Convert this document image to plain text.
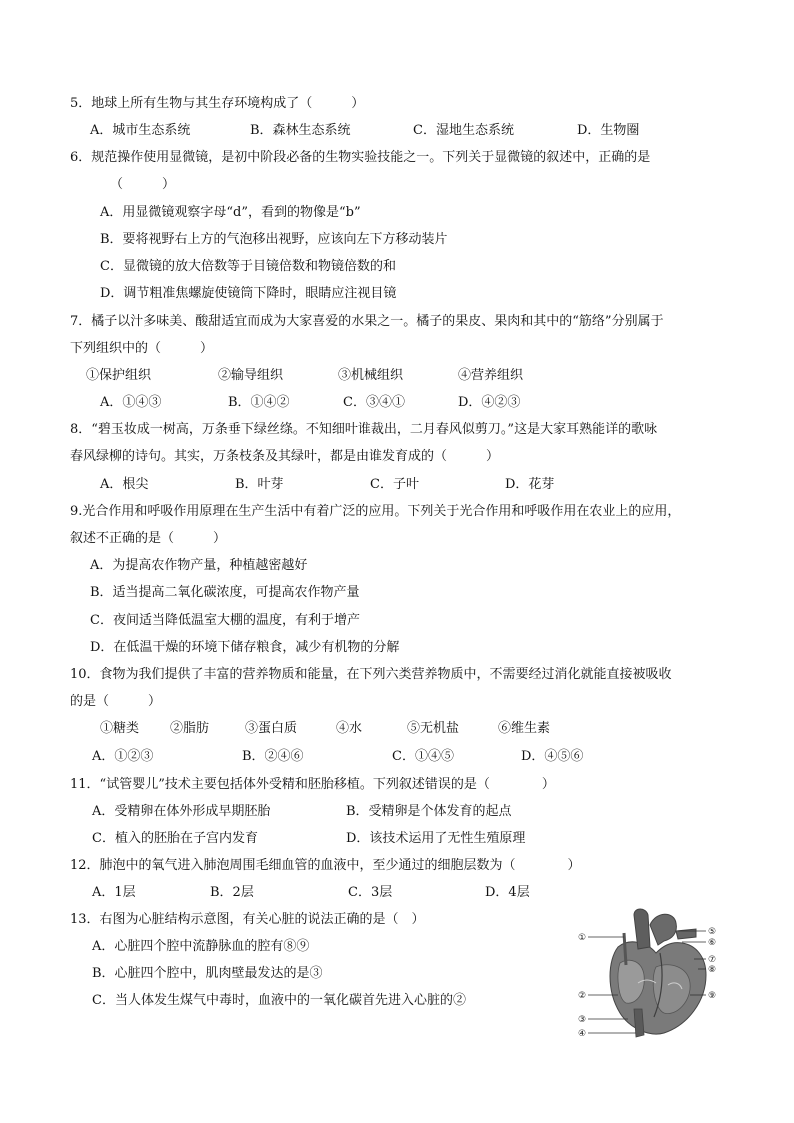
5．地球上所有生物与其生存环境构成了（　　　）
A．城市生态系统	B．森林生态系统	C．湿地生态系统	D．生物圈
6．规范操作使用显微镜，是初中阶段必备的生物实验技能之一。下列关于显微镜的叙述中，正确的是
（　　　）
A．用显微镜观察字母“d”，看到的物像是“b”
B．要将视野右上方的气泡移出视野，应该向左下方移动装片
C．显微镜的放大倍数等于目镜倍数和物镜倍数的和
D．调节粗准焦螺旋使镜筒下降时，眼睛应注视目镜
7．橘子以汁多味美、酸甜适宜而成为大家喜爱的水果之一。橘子的果皮、果肉和其中的“筋络”分别属于
下列组织中的（　　　）
①保护组织	②输导组织	③机械组织	④营养组织
A．①④③	B．①④②	C．③④①	D．④②③
8．“碧玉妆成一树高，万条垂下绿丝绦。不知细叶谁裁出，二月春风似剪刀。”这是大家耳熟能详的歌咏
春风绿柳的诗句。其实，万条枝条及其绿叶，都是由谁发育成的（　　　）
A．根尖	B．叶芽	C．子叶	D．花芽
9.光合作用和呼吸作用原理在生产生活中有着广泛的应用。下列关于光合作用和呼吸作用在农业上的应用，
叙述不正确的是（　　　）
A．为提高农作物产量，种植越密越好
B．适当提高二氧化碳浓度，可提高农作物产量
C．夜间适当降低温室大棚的温度，有利于增产
D．在低温干燥的环境下储存粮食，减少有机物的分解
10．食物为我们提供了丰富的营养物质和能量，在下列六类营养物质中，不需要经过消化就能直接被吸收
的是（　　　）
①糖类 ②脂肪	③蛋白质	④水	⑤无机盐	⑥维生素
A．①②③	B．②④⑥	C．①④⑤	D．④⑤⑥
11．“试管婴儿”技术主要包括体外受精和胚胎移植。下列叙述错误的是（　　　　）
A．受精卵在体外形成早期胚胎	B．受精卵是个体发育的起点
C．植入的胚胎在子宫内发育	D．该技术运用了无性生殖原理
12．肺泡中的氧气进入肺泡周围毛细血管的血液中，至少通过的细胞层数为（　　　　）
A．1层	B．2层	C．3层	D．4层
13．右图为心脏结构示意图，有关心脏的说法正确的是（　）
A．心脏四个腔中流静脉血的腔有⑧⑨
B．心脏四个腔中，肌肉壁最发达的是③
C．当人体发生煤气中毒时，血液中的一氧化碳首先进入心脏的②
①
②
③
④
⑤
⑥
⑦
⑧
⑨
